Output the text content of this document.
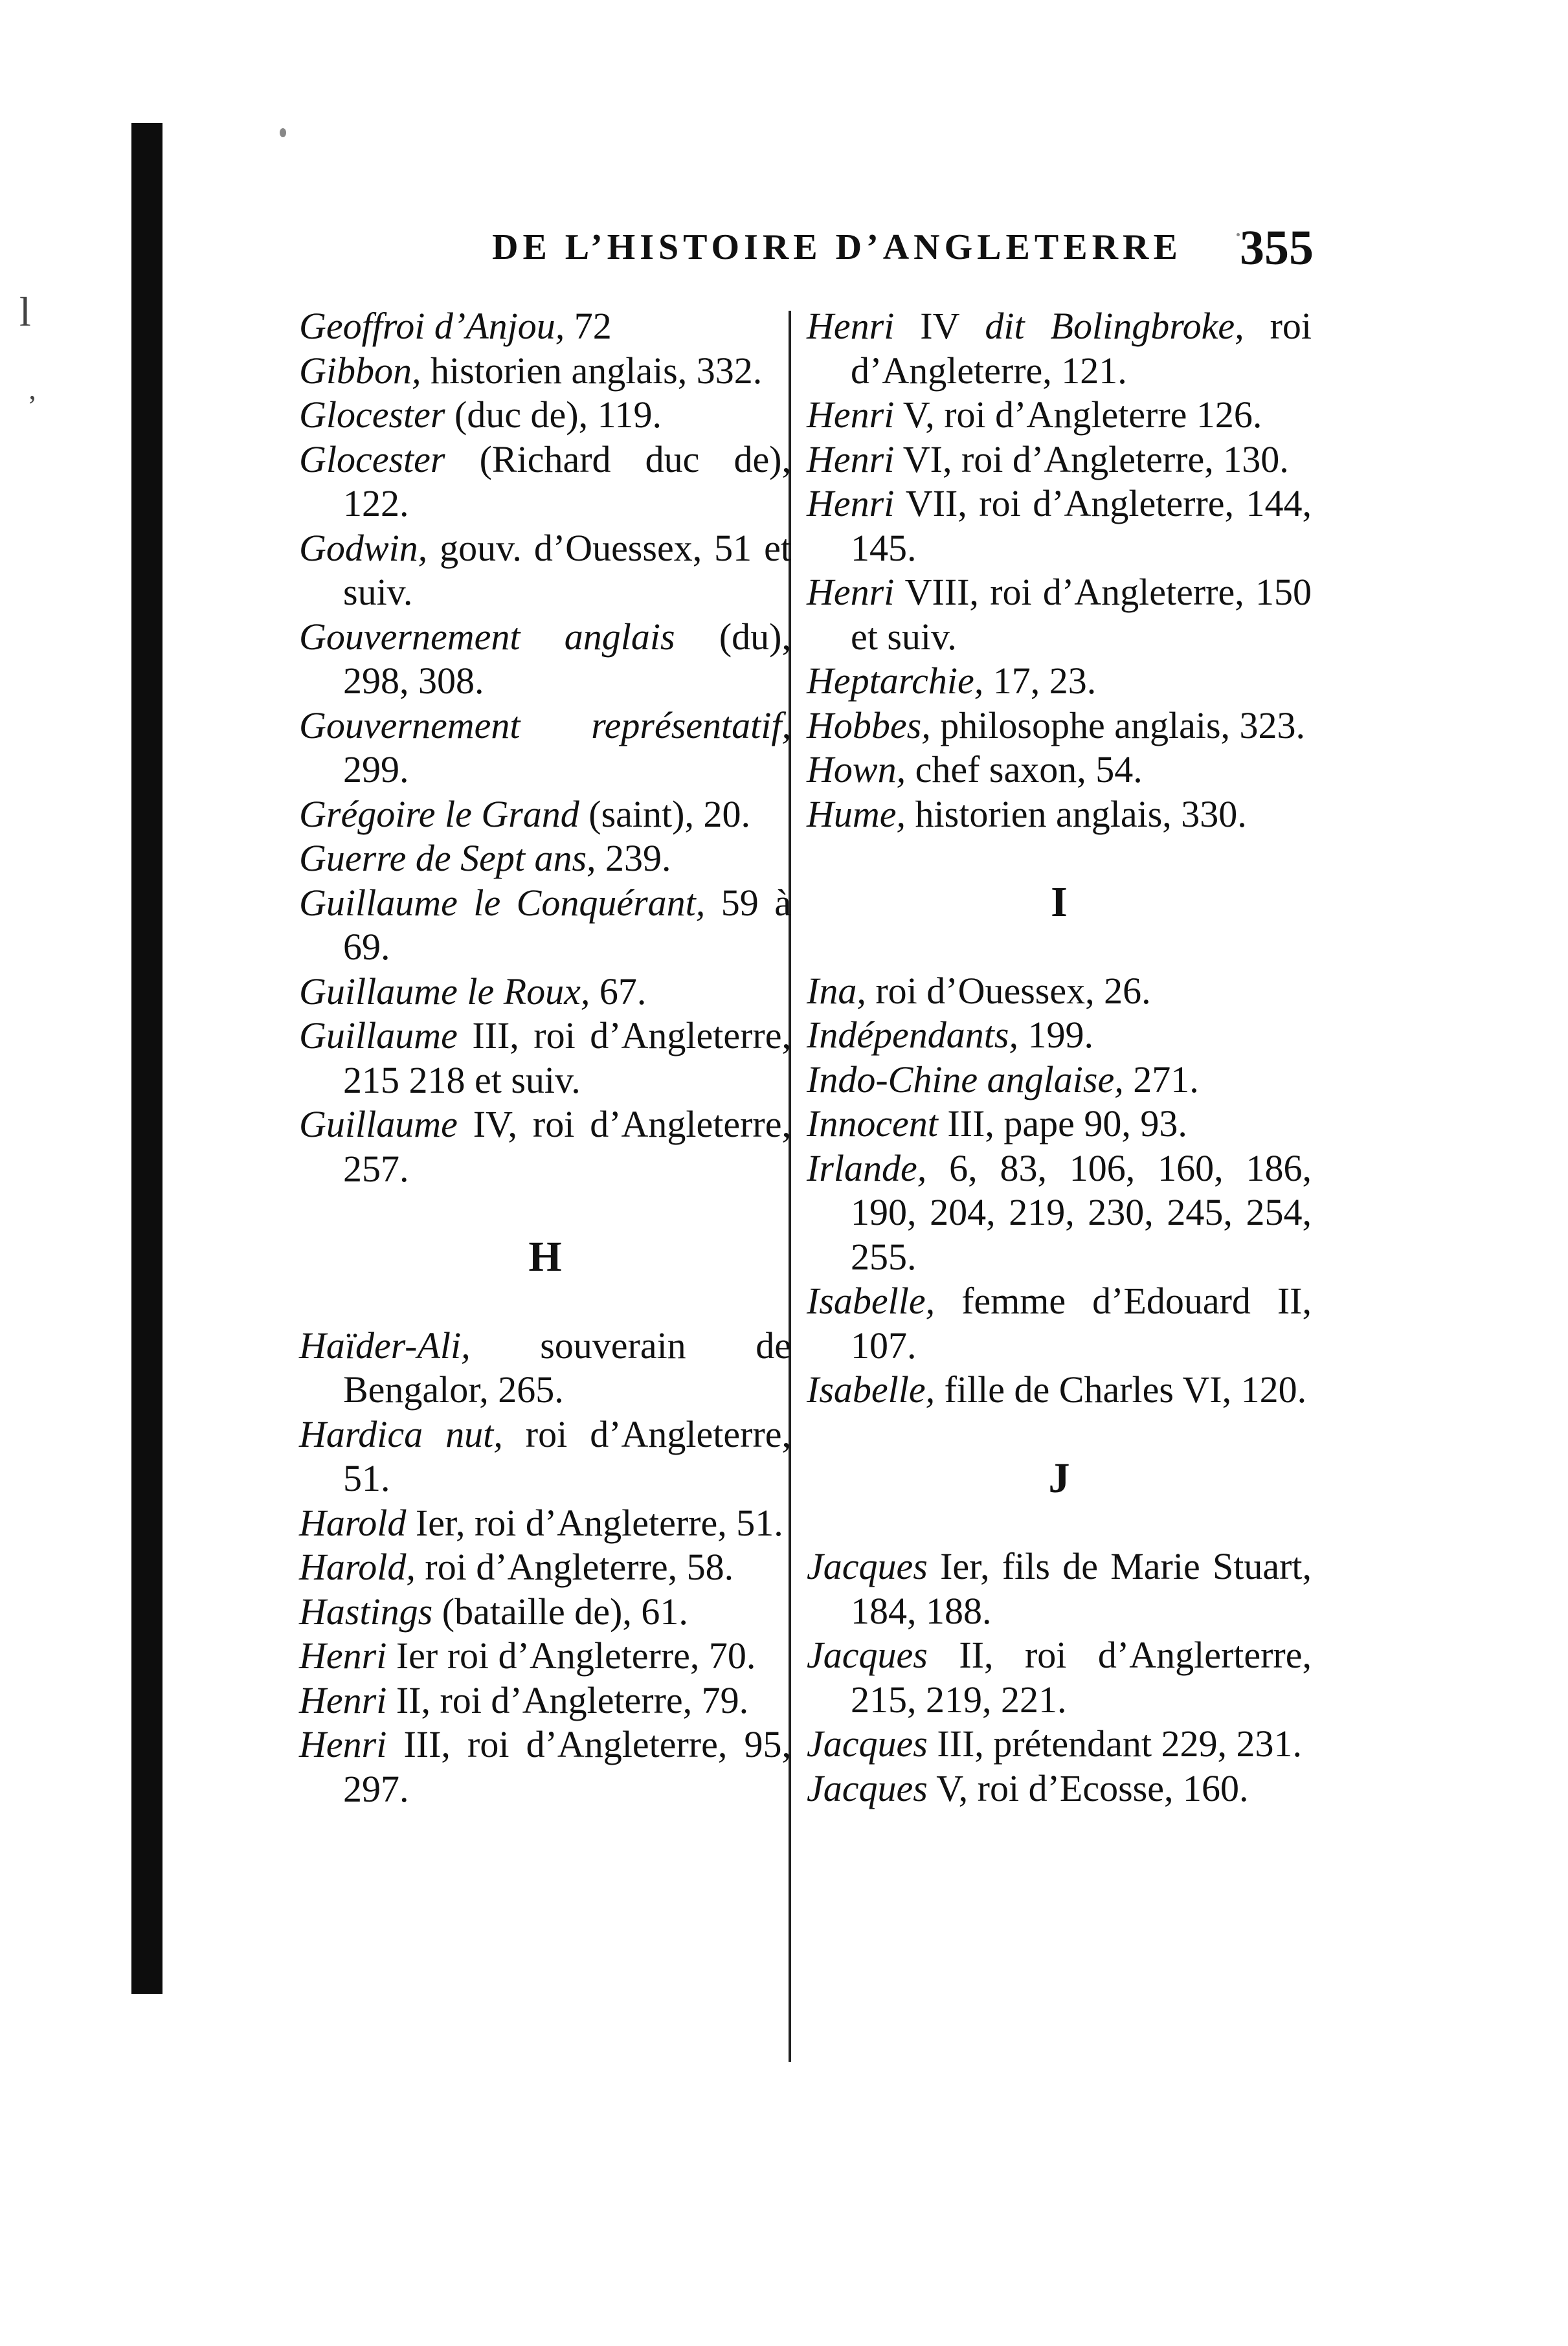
l
’
DE L’HISTOIRE D’ANGLETERRE 355

Geoffroi d’Anjou, 72

Gibbon, historien anglais, 332.

Glocester (duc de), 119.

Glocester (Richard duc de), 122.

Godwin, gouv. d’Ouessex, 51 et suiv.

Gouvernement anglais (du), 298, 308.

Gouvernement représentatif, 299.

Grégoire le Grand (saint), 20.

Guerre de Sept ans, 239.

Guillaume le Conquérant, 59 à 69.

Guillaume le Roux, 67.

Guillaume III, roi d’Angleterre, 215 218 et suiv.

Guillaume IV, roi d’Angleterre, 257.

H

Haïder-Ali, souverain de Bengalor, 265.

Hardica nut, roi d’Angleterre, 51.

Harold Ier, roi d’Angleterre, 51.

Harold, roi d’Angleterre, 58.

Hastings (bataille de), 61.

Henri Ier roi d’Angleterre, 70.

Henri II, roi d’Angleterre, 79.

Henri III, roi d’Angleterre, 95, 297.

Henri IV dit Bolingbroke, roi d’Angleterre, 121.

Henri V, roi d’Angleterre 126.

Henri VI, roi d’Angleterre, 130.

Henri VII, roi d’Angleterre, 144, 145.

Henri VIII, roi d’Angleterre, 150 et suiv.

Heptarchie, 17, 23.

Hobbes, philosophe anglais, 323.

Hown, chef saxon, 54.

Hume, historien anglais, 330.

I

Ina, roi d’Ouessex, 26.

Indépendants, 199.

Indo-Chine anglaise, 271.

Innocent III, pape 90, 93.

Irlande, 6, 83, 106, 160, 186, 190, 204, 219, 230, 245, 254, 255.

Isabelle, femme d’Edouard II, 107.

Isabelle, fille de Charles VI, 120.

J

Jacques Ier, fils de Marie Stuart, 184, 188.

Jacques II, roi d’Anglerterre, 215, 219, 221.

Jacques III, prétendant 229, 231.

Jacques V, roi d’Ecosse, 160.
